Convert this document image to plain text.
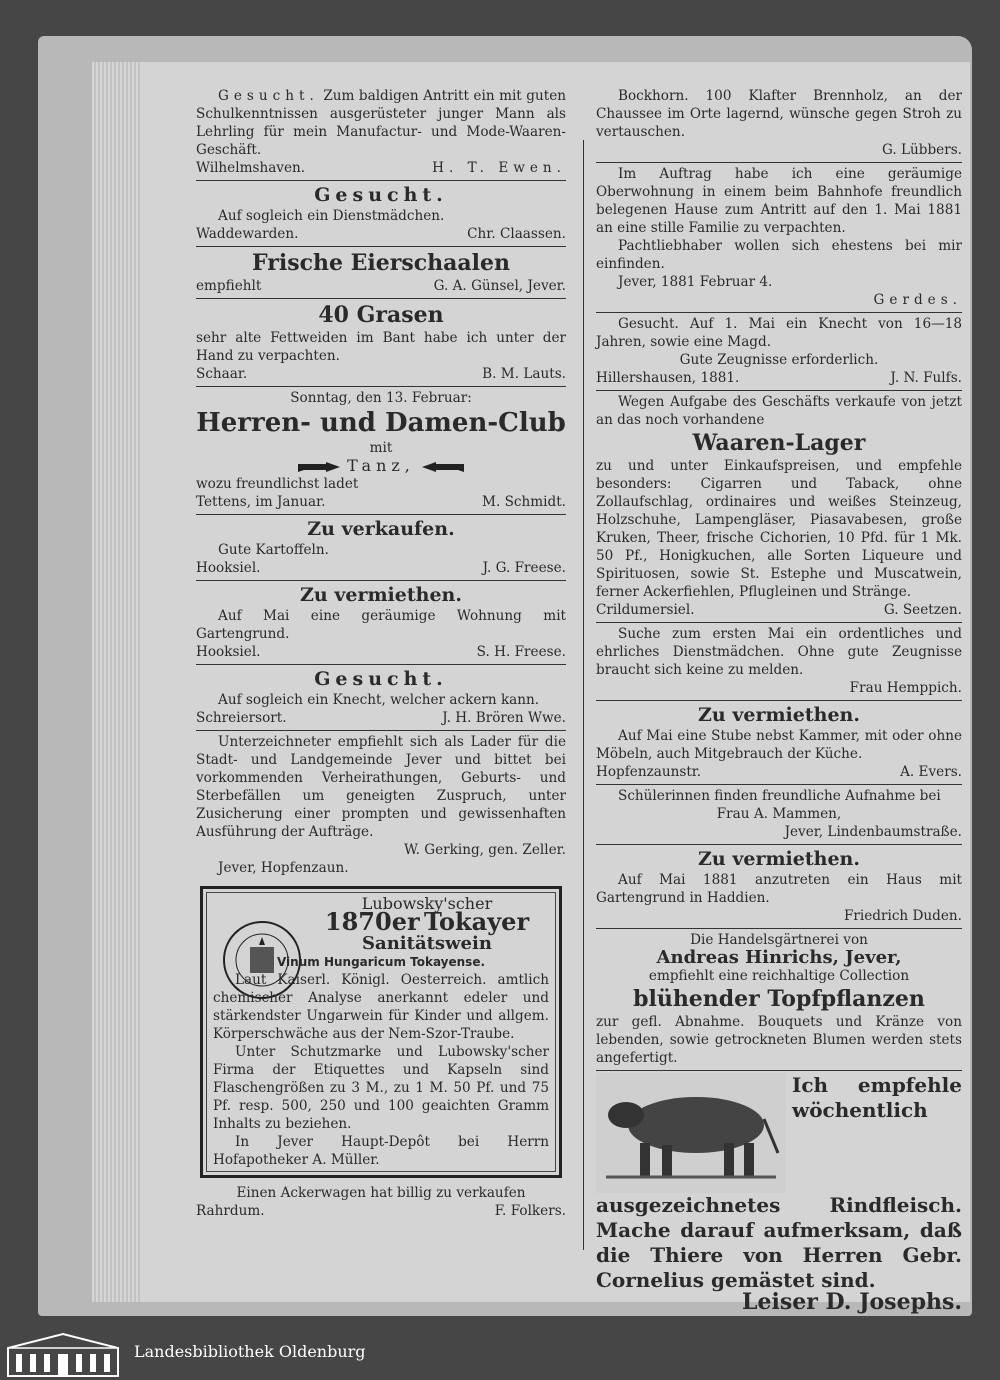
Gesucht. Zum baldigen Antritt ein mit guten Schulkenntnissen ausgerüsteter junger Mann als Lehrling für mein Manufactur- und Mode-Waaren-Geschäft.

Wilhelmshaven.	H. T. Ewen.
Gesucht.

Auf sogleich ein Dienstmädchen.

Waddewarden.	Chr. Claassen.
Frische Eierschaalen
empfiehlt	G. A. Günsel, Jever.
40 Grasen

sehr alte Fettweiden im Bant habe ich unter der Hand zu verpachten.

Schaar.	B. M. Lauts.

Sonntag, den 13. Februar:

Herren- und Damen-Club

mit

Tanz,

wozu freundlichst ladet

Tettens, im Januar.	M. Schmidt.
Zu verkaufen.

Gute Kartoffeln.

Hooksiel.	J. G. Freese.
Zu vermiethen.

Auf Mai eine geräumige Wohnung mit Gartengrund.

Hooksiel.	S. H. Freese.
Gesucht.

Auf sogleich ein Knecht, welcher ackern kann.

Schreiersort.	J. H. Brören Wwe.

Unterzeichneter empfiehlt sich als Lader für die Stadt- und Landgemeinde Jever und bittet bei vorkommenden Verheirathungen, Geburts- und Sterbefällen um geneigten Zuspruch, unter Zusicherung einer prompten und gewissenhaften Ausführung der Aufträge.

W. Gerking, gen. Zeller.

Jever, Hopfenzaun.

Lubowsky'scher
1870er Tokayer
Sanitätswein

Vinum Hungaricum Tokayense.

Laut Kaiserl. Königl. Oesterreich. amtlich chemischer Analyse anerkannt edeler und stärkendster Ungarwein für Kinder und allgem. Körperschwäche aus der Nem-Szor-Traube.

Unter Schutzmarke und Lubowsky'scher Firma der Etiquettes und Kapseln sind Flaschengrößen zu 3 M., zu 1 M. 50 Pf. und 75 Pf. resp. 500, 250 und 100 geaichten Gramm Inhalts zu beziehen.

In Jever Haupt-Depôt bei Herrn Hofapotheker A. Müller.

Einen Ackerwagen hat billig zu verkaufen

Rahrdum.	F. Folkers.

Bockhorn. 100 Klafter Brennholz, an der Chaussee im Orte lagernd, wünsche gegen Stroh zu vertauschen.

G. Lübbers.

Im Auftrag habe ich eine geräumige Oberwohnung in einem beim Bahnhofe freundlich belegenen Hause zum Antritt auf den 1. Mai 1881 an eine stille Familie zu verpachten.

Pachtliebhaber wollen sich ehestens bei mir einfinden.

Jever, 1881 Februar 4.

Gerdes.

Gesucht. Auf 1. Mai ein Knecht von 16—18 Jahren, sowie eine Magd.

Gute Zeugnisse erforderlich.

Hillershausen, 1881.	J. N. Fulfs.

Wegen Aufgabe des Geschäfts verkaufe von jetzt an das noch vorhandene

Waaren-Lager

zu und unter Einkaufspreisen, und empfehle besonders: Cigarren und Taback, ohne Zollaufschlag, ordinaires und weißes Steinzeug, Holzschuhe, Lampengläser, Piasavabesen, große Kruken, Theer, frische Cichorien, 10 Pfd. für 1 Mk. 50 Pf., Honigkuchen, alle Sorten Liqueure und Spirituosen, sowie St. Estephe und Muscatwein, ferner Ackerfiehlen, Pflugleinen und Stränge.

Crildumersiel.	G. Seetzen.

Suche zum ersten Mai ein ordentliches und ehrliches Dienstmädchen. Ohne gute Zeugnisse braucht sich keine zu melden.

Frau Hempрich.

Zu vermiethen.

Auf Mai eine Stube nebst Kammer, mit oder ohne Möbeln, auch Mitgebrauch der Küche.

Hopfenzaunstr.	A. Evers.

Schülerinnen finden freundliche Aufnahme bei

Frau A. Mammen,

Jever, Lindenbaumstraße.

Zu vermiethen.

Auf Mai 1881 anzutreten ein Haus mit Gartengrund in Haddien.

Friedrich Duden.

Die Handelsgärtnerei von

Andreas Hinrichs, Jever,

empfiehlt eine reichhaltige Collection

blühender Topfpflanzen

zur gefl. Abnahme. Bouquets und Kränze von lebenden, sowie getrockneten Blumen werden stets angefertigt.

Ich empfehle wöchentlich ausgezeichnetes Rindfleisch. Mache darauf aufmerksam, daß die Thiere von Herren Gebr. Cornelius gemästet sind.

Leiser D. Josephs.
Landesbibliothek Oldenburg
